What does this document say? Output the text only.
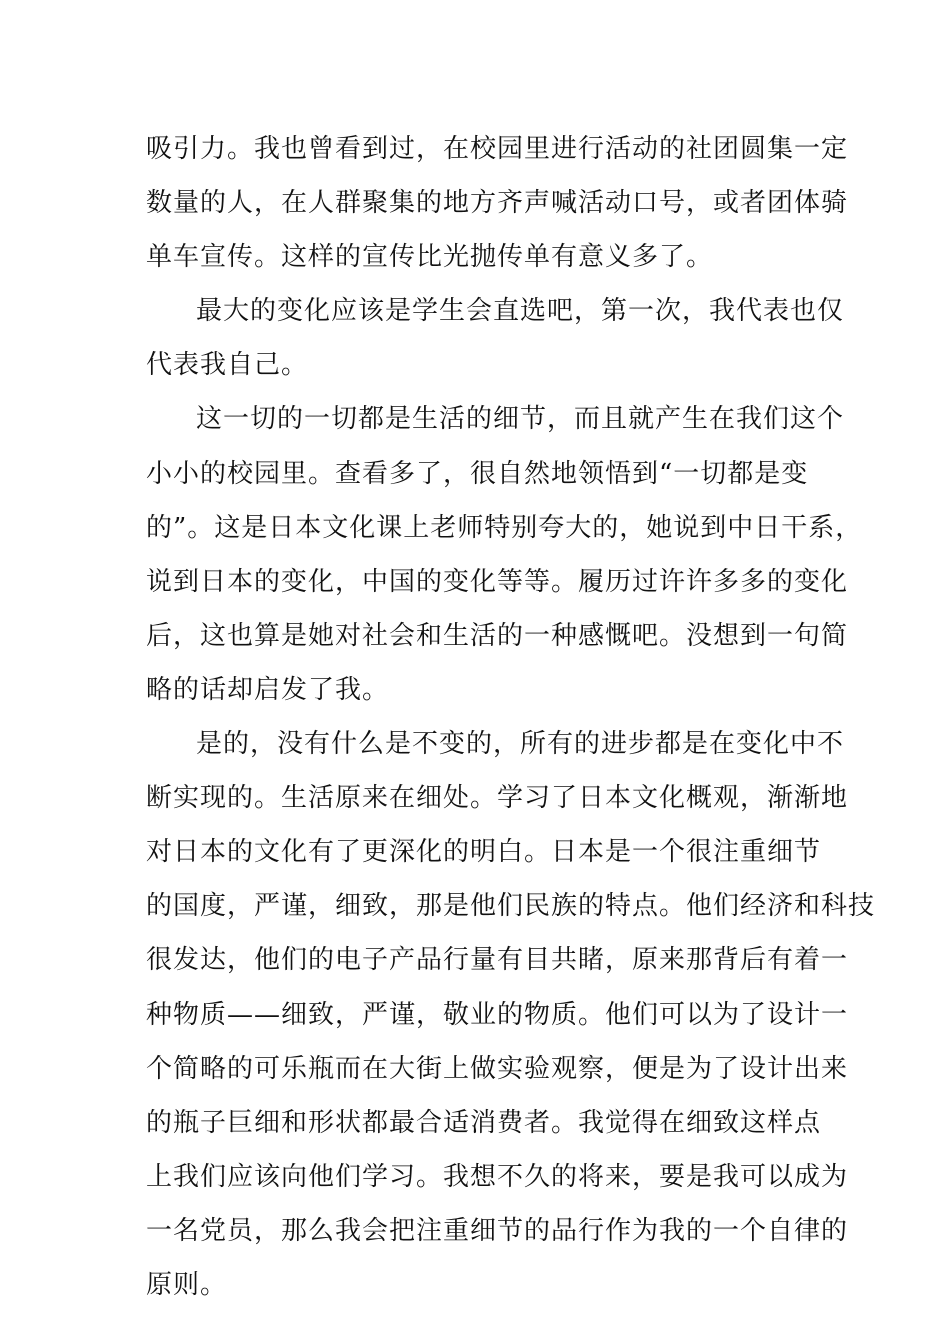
吸引力。我也曾看到过，在校园里进行活动的社团圆集一定
数量的人，在人群聚集的地方齐声喊活动口号，或者团体骑
单车宣传。这样的宣传比光抛传单有意义多了。
最大的变化应该是学生会直选吧，第一次，我代表也仅
代表我自己。
这一切的一切都是生活的细节，而且就产生在我们这个
小小的校园里。查看多了，很自然地领悟到“一切都是变
的”。这是日本文化课上老师特别夸大的，她说到中日干系，
说到日本的变化，中国的变化等等。履历过许许多多的变化
后，这也算是她对社会和生活的一种感慨吧。没想到一句简
略的话却启发了我。
是的，没有什么是不变的，所有的进步都是在变化中不
断实现的。生活原来在细处。学习了日本文化概观，渐渐地
对日本的文化有了更深化的明白。日本是一个很注重细节
的国度，严谨，细致，那是他们民族的特点。他们经济和科技
很发达，他们的电子产品行量有目共睹，原来那背后有着一
种物质——细致，严谨，敬业的物质。他们可以为了设计一
个简略的可乐瓶而在大街上做实验观察，便是为了设计出来
的瓶子巨细和形状都最合适消费者。我觉得在细致这样点
上我们应该向他们学习。我想不久的将来，要是我可以成为
一名党员，那么我会把注重细节的品行作为我的一个自律的
原则。
